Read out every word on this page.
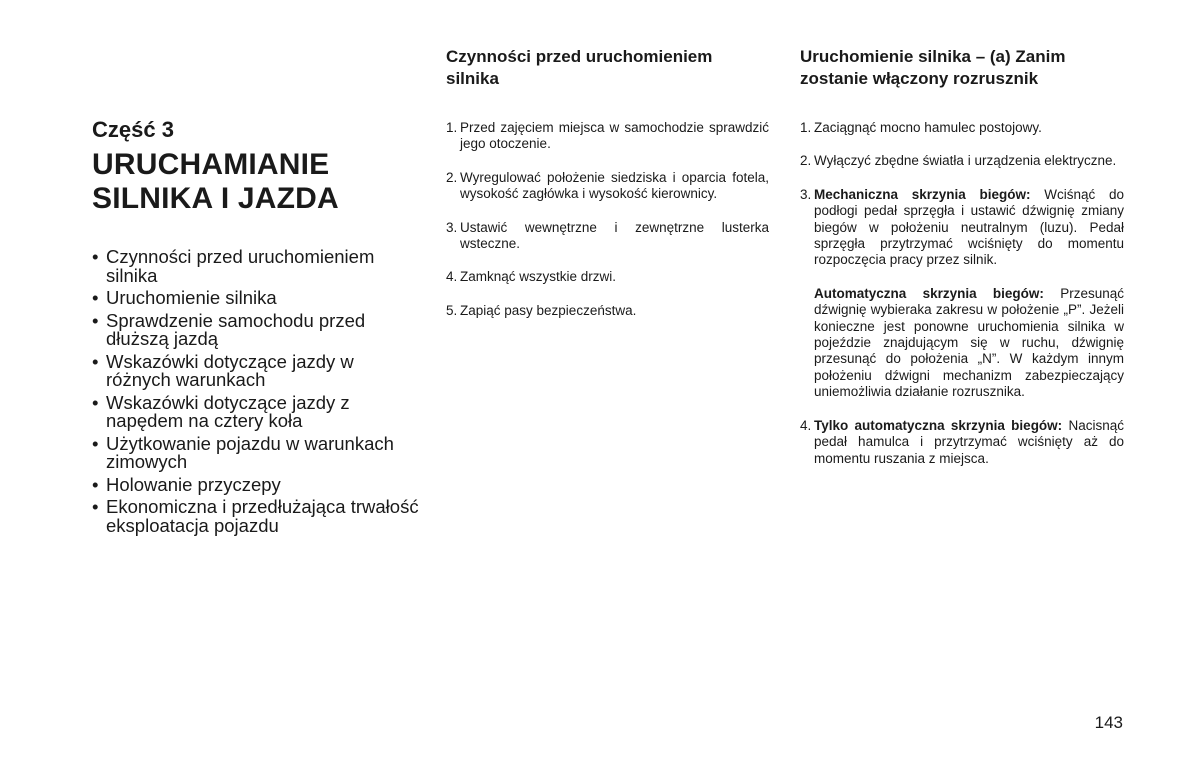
Część 3
URUCHAMIANIE
SILNIKA I JAZDA
• Czynności przed uruchomieniem silnika
• Uruchomienie silnika
• Sprawdzenie samochodu przed dłuższą jazdą
• Wskazówki dotyczące jazdy w różnych warunkach
• Wskazówki dotyczące jazdy z napędem na cztery koła
• Użytkowanie pojazdu w warunkach zimowych
• Holowanie przyczepy
• Ekonomiczna i przedłużająca trwałość eksploatacja pojazdu
Czynności przed uruchomieniem silnika
1. Przed zajęciem miejsca w samochodzie sprawdzić jego otoczenie.
2. Wyregulować położenie siedziska i oparcia fotela, wysokość zagłówka i wysokość kierownicy.
3. Ustawić wewnętrzne i zewnętrzne lusterka wsteczne.
4. Zamknąć wszystkie drzwi.
5. Zapiąć pasy bezpieczeństwa.
Uruchomienie silnika – (a) Zanim zostanie włączony rozrusznik
1. Zaciągnąć mocno hamulec postojowy.
2. Wyłączyć zbędne światła i urządzenia elektryczne.
3. Mechaniczna skrzynia biegów: Wciśnąć do podłogi pedał sprzęgła i ustawić dźwignię zmiany biegów w położeniu neutralnym (luzu). Pedał sprzęgła przytrzymać wciśnięty do momentu rozpoczęcia pracy przez silnik.

Automatyczna skrzynia biegów: Przesunąć dźwignię wybieraka zakresu w położenie „P”. Jeżeli konieczne jest ponowne uruchomienia silnika w pojeździe znajdującym się w ruchu, dźwignię przesunąć do położenia „N”. W każdym innym położeniu dźwigni mechanizm zabezpieczający uniemożliwia działanie rozrusznika.

4. Tylko automatyczna skrzynia biegów: Nacisnąć pedał hamulca i przytrzymać wciśnięty aż do momentu ruszania z miejsca.

143
